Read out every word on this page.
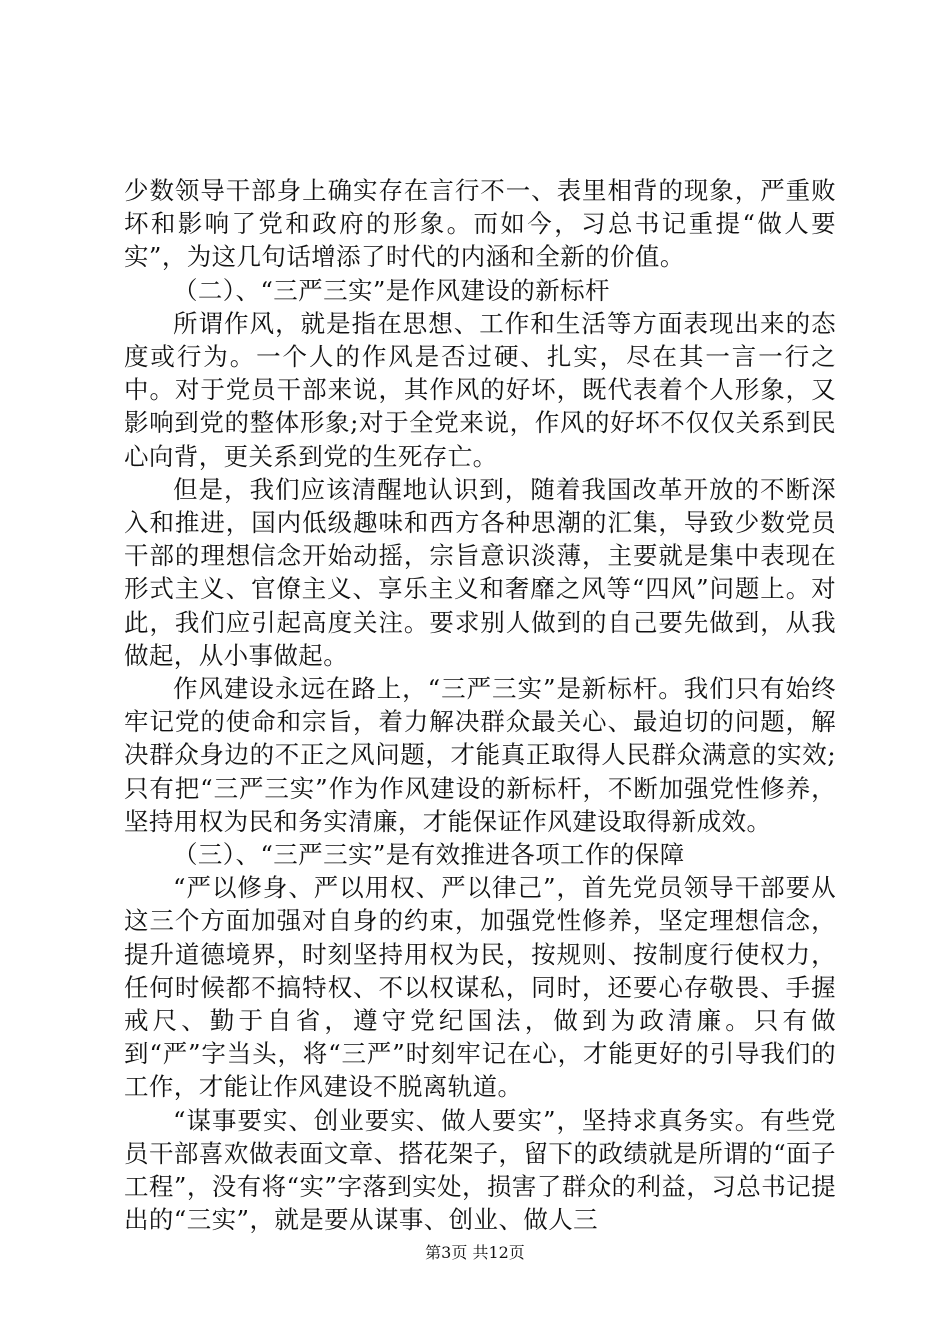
少数领导干部身上确实存在言行不一、表里相背的现象，严重败坏和影响了党和政府的形象。而如今，习总书记重提“做人要实”，为这几句话增添了时代的内涵和全新的价值。

（二）、“三严三实”是作风建设的新标杆

所谓作风，就是指在思想、工作和生活等方面表现出来的态度或行为。一个人的作风是否过硬、扎实，尽在其一言一行之中。对于党员干部来说，其作风的好坏，既代表着个人形象，又影响到党的整体形象;对于全党来说，作风的好坏不仅仅关系到民心向背，更关系到党的生死存亡。

但是，我们应该清醒地认识到，随着我国改革开放的不断深入和推进，国内低级趣味和西方各种思潮的汇集，导致少数党员干部的理想信念开始动摇，宗旨意识淡薄，主要就是集中表现在形式主义、官僚主义、享乐主义和奢靡之风等“四风”问题上。对此，我们应引起高度关注。要求别人做到的自己要先做到，从我做起，从小事做起。

作风建设永远在路上，“三严三实”是新标杆。我们只有始终牢记党的使命和宗旨，着力解决群众最关心、最迫切的问题，解决群众身边的不正之风问题，才能真正取得人民群众满意的实效;只有把“三严三实”作为作风建设的新标杆，不断加强党性修养，坚持用权为民和务实清廉，才能保证作风建设取得新成效。

（三）、“三严三实”是有效推进各项工作的保障

“严以修身、严以用权、严以律己”，首先党员领导干部要从这三个方面加强对自身的约束，加强党性修养，坚定理想信念，提升道德境界，时刻坚持用权为民，按规则、按制度行使权力，任何时候都不搞特权、不以权谋私，同时，还要心存敬畏、手握戒尺、勤于自省，遵守党纪国法，做到为政清廉。只有做到“严”字当头，将“三严”时刻牢记在心，才能更好的引导我们的工作，才能让作风建设不脱离轨道。

“谋事要实、创业要实、做人要实”，坚持求真务实。有些党员干部喜欢做表面文章、搭花架子，留下的政绩就是所谓的“面子工程”，没有将“实”字落到实处，损害了群众的利益，习总书记提出的“三实”，就是要从谋事、创业、做人三

第3页 共12页
